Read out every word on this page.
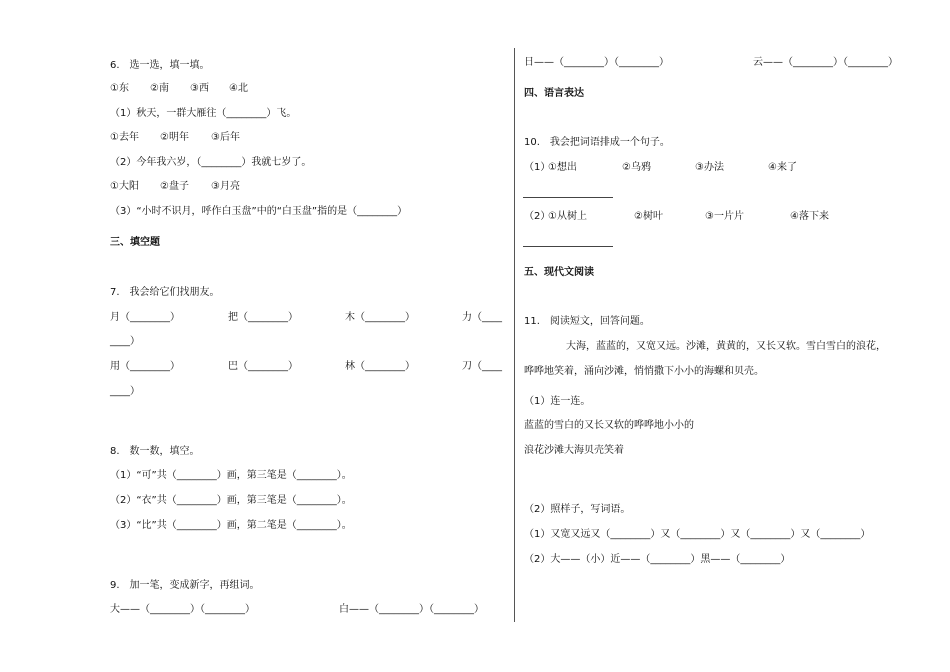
6.　选一选，填一填。
①东 ②南 ③西 ④北
（1）秋天，一群大雁往（________）飞。
①去年 ②明年 ③后年
（2）今年我六岁，（________）我就七岁了。
①大阳 ②盘子 ③月亮
（3）“小时不识月，呼作白玉盘”中的“白玉盘”指的是（________）
三、填空题
7.　我会给它们找朋友。
月（________）	把（________）	木（________）	力（____
____）
用（________）	巴（________）	林（________）	刀（____
____）
8.　数一数，填空。
（1）“可”共（________）画，第三笔是（________）。
（2）“衣”共（________）画，第三笔是（________）。
（3）“比”共（________）画，第二笔是（________）。
9.　加一笔，变成新字，再组词。
大——（________）（________）	白——（________）（________）
日——（________）（________）	云——（________）（________）
四、语言表达
10.　我会把词语排成一个句子。
（1）
①想出	②乌鸦	③办法	④来了
（2）
①从树上	②树叶	③一片片	④落下来
五、现代文阅读
11.　阅读短文，回答问题。
大海，蓝蓝的，又宽又远。沙滩，黄黄的，又长又软。雪白雪白的浪花，
哗哗地笑着，涌向沙滩，悄悄撒下小小的海螺和贝壳。
（1）连一连。
蓝蓝的雪白的又长又软的哗哗地小小的
浪花沙滩大海贝壳笑着
（2）照样子，写词语。
（1）又宽又远又（________）又（________）又（________）又（________）
（2）大——（小）近——（________）黑——（________）
